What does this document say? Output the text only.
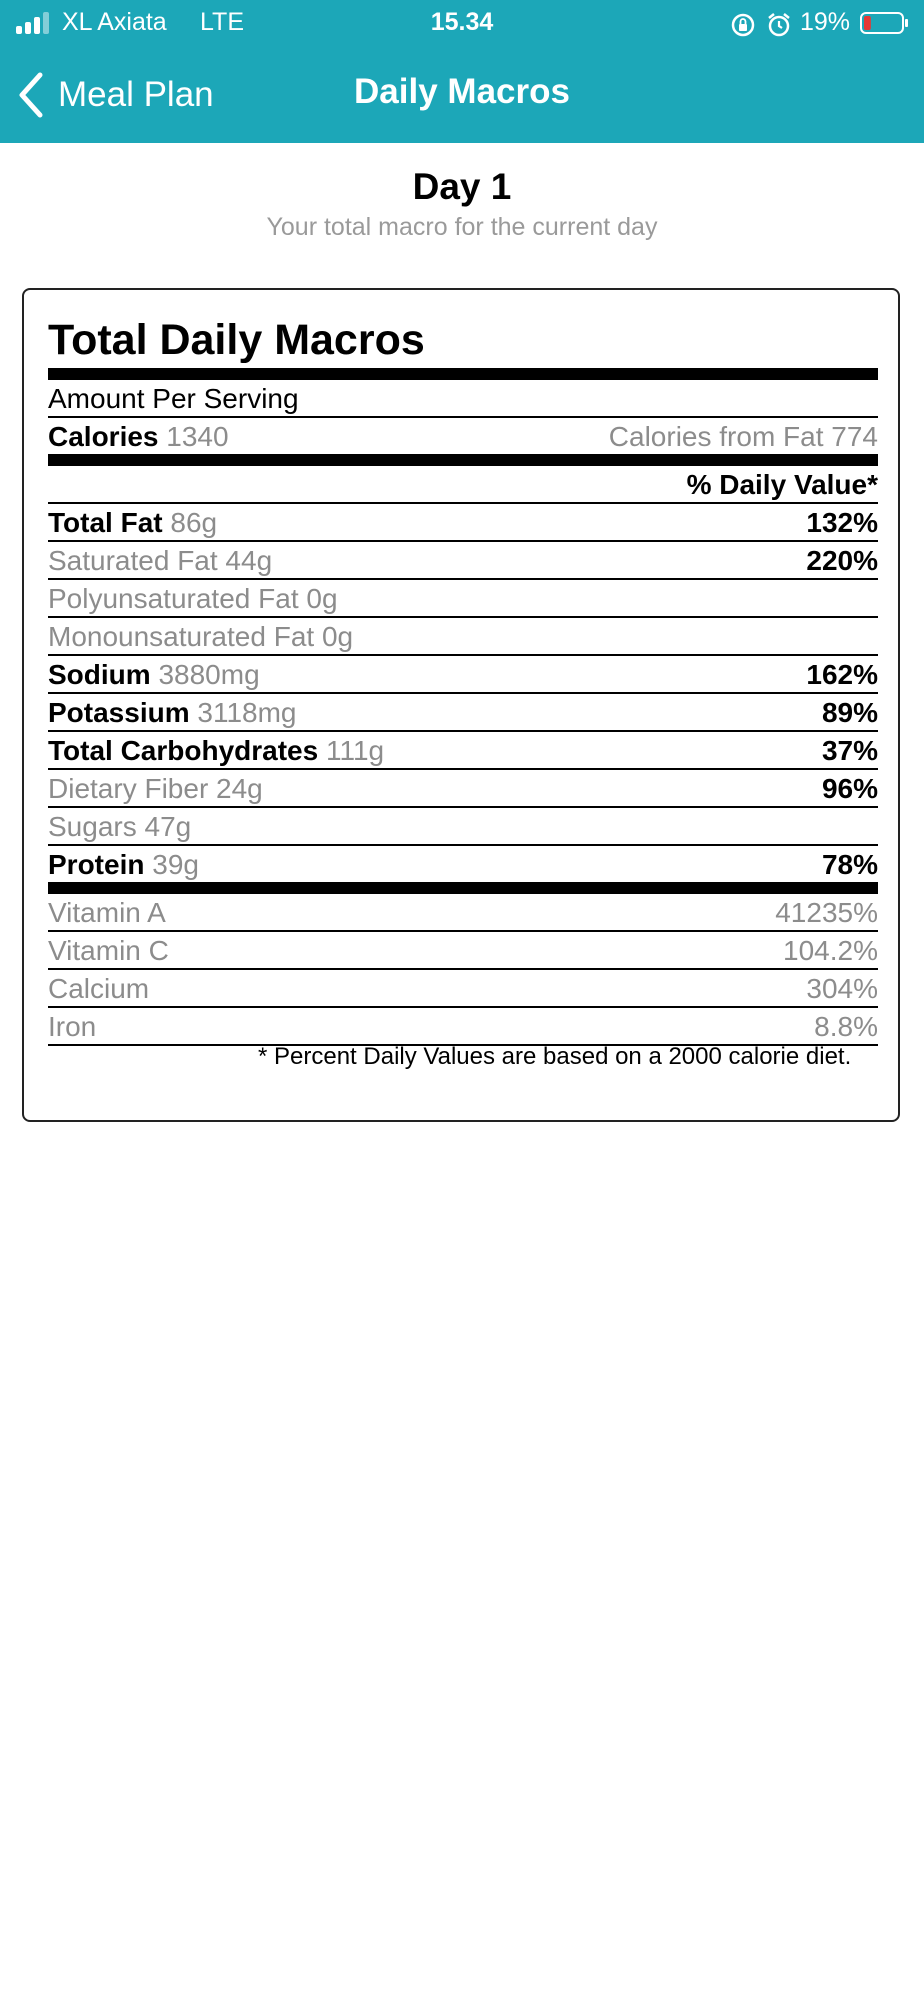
XL Axiata LTE	15.34	19%
Meal Plan	Daily Macros
Day 1
Your total macro for the current day
Total Daily Macros
Amount Per Serving
Calories 1340	Calories from Fat 774
% Daily Value*
Total Fat 86g	132%
Saturated Fat 44g	220%
Polyunsaturated Fat 0g
Monounsaturated Fat 0g
Sodium 3880mg	162%
Potassium 3118mg	89%
Total Carbohydrates 111g	37%
Dietary Fiber 24g	96%
Sugars 47g
Protein 39g	78%
Vitamin A	41235%
Vitamin C	104.2%
Calcium	304%
Iron	8.8%
* Percent Daily Values are based on a 2000 calorie diet.
